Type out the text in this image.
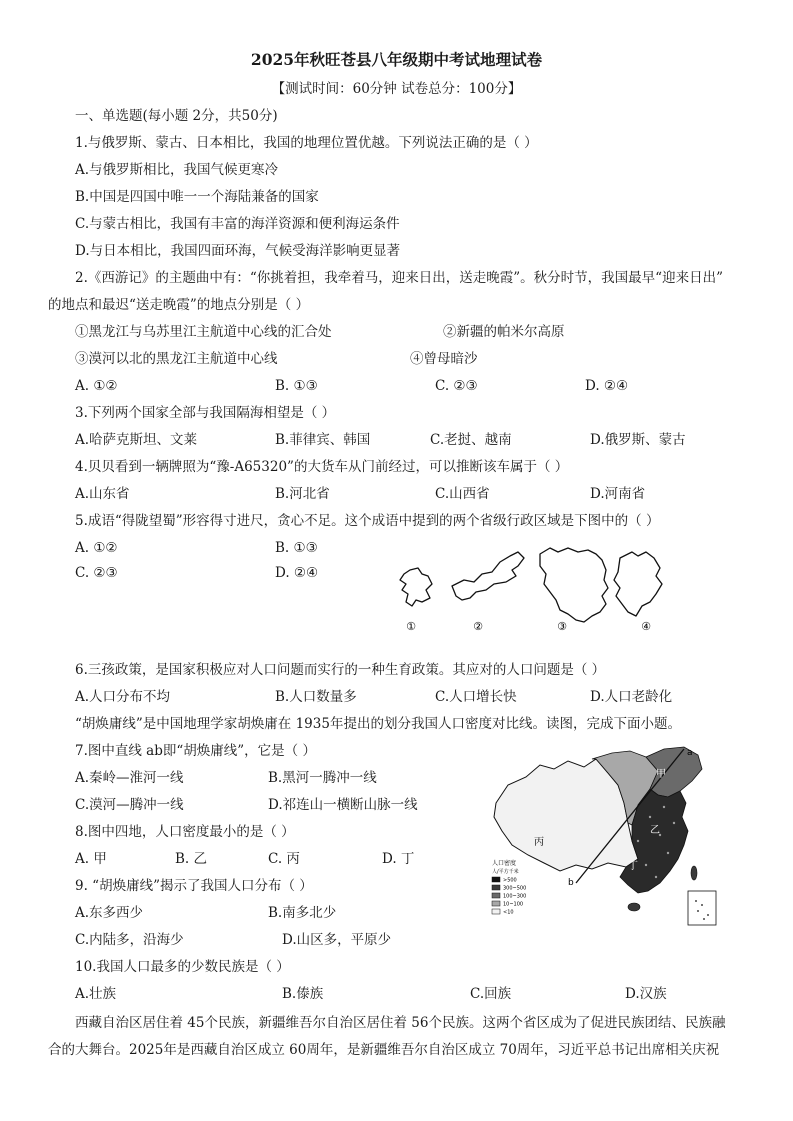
2025年秋旺苍县八年级期中考试地理试卷
【测试时间：60分钟 试卷总分：100分】
一、单选题(每小题 2分，共50分)
1.与俄罗斯、蒙古、日本相比，我国的地理位置优越。下列说法正确的是（ ）
A.与俄罗斯相比，我国气候更寒冷
B.中国是四国中唯一一个海陆兼备的国家
C.与蒙古相比，我国有丰富的海洋资源和便利海运条件
D.与日本相比，我国四面环海，气候受海洋影响更显著
2.《西游记》的主题曲中有：“你挑着担，我牵着马，迎来日出，送走晚霞”。秋分时节，我国最早“迎来日出”
的地点和最迟“送走晚霞”的地点分别是（ ）
①黑龙江与乌苏里江主航道中心线的汇合处	②新疆的帕米尔高原
③漠河以北的黑龙江主航道中心线	④曾母暗沙
A. ①②	B. ①③	C. ②③	D. ②④
3.下列两个国家全部与我国隔海相望是（ ）
A.哈萨克斯坦、文莱	B.菲律宾、韩国	C.老挝、越南	D.俄罗斯、蒙古
4.贝贝看到一辆牌照为“豫-A65320”的大货车从门前经过，可以推断该车属于（ ）
A.山东省	B.河北省	C.山西省	D.河南省
5.成语“得陇望蜀”形容得寸进尺，贪心不足。这个成语中提到的两个省级行政区域是下图中的（ ）
A. ①②	B. ①③
C. ②③	D. ②④
①	②	③	④
6.三孩政策，是国家积极应对人口问题而实行的一种生育政策。其应对的人口问题是（ ）
A.人口分布不均	B.人口数量多	C.人口增长快	D.人口老龄化
“胡焕庸线”是中国地理学家胡焕庸在 1935年提出的划分我国人口密度对比线。读图，完成下面小题。
7.图中直线 ab即“胡焕庸线”，它是（ ）
A.秦岭—淮河一线	B.黑河一腾冲一线
C.漠河—腾冲一线	D.祁连山一横断山脉一线
8.图中四地，人口密度最小的是（ ）
A. 甲	B. 乙	C. 丙	D. 丁
9. “胡焕庸线”揭示了我国人口分布（ ）
A.东多西少	B.南多北少
C.内陆多，沿海少	D.山区多，平原少
a
b
甲
乙
丙
丁
人口密度
人/平方千米
>500
300~500
100~300
10~100
<10
10.我国人口最多的少数民族是（ ）
A.壮族	B.傣族	C.回族	D.汉族
西藏自治区居住着 45个民族，新疆维吾尔自治区居住着 56个民族。这两个省区成为了促进民族团结、民族融
合的大舞台。2025年是西藏自治区成立 60周年，是新疆维吾尔自治区成立 70周年，习近平总书记出席相关庆祝
